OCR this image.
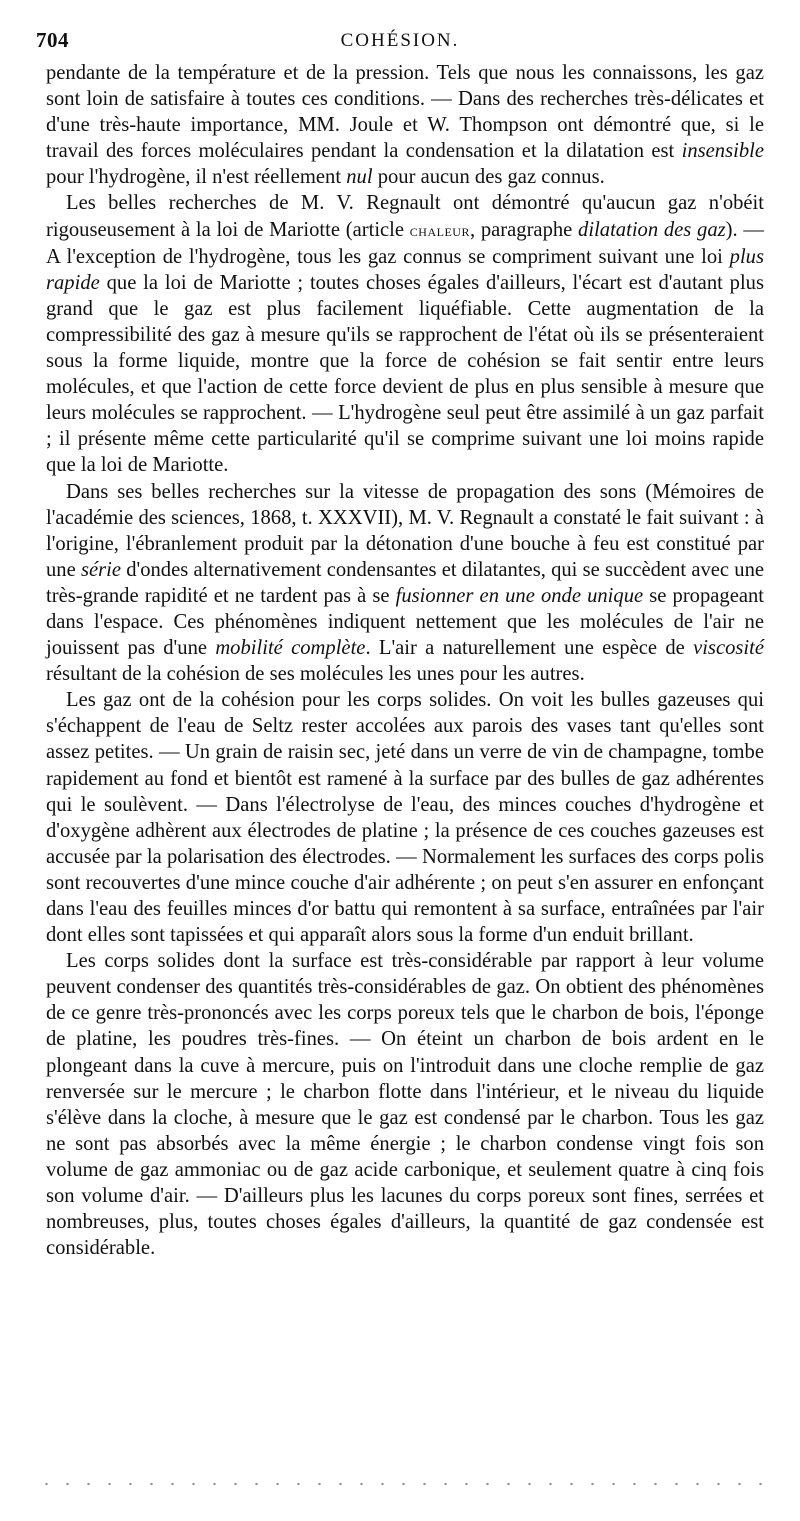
704	COHÉSION.

pendante de la température et de la pression. Tels que nous les connaissons, les gaz sont loin de satisfaire à toutes ces conditions. — Dans des recherches très-délicates et d'une très-haute importance, MM. Joule et W. Thompson ont démontré que, si le travail des forces moléculaires pendant la condensation et la dilatation est insensible pour l'hydrogène, il n'est réellement nul pour aucun des gaz connus.

Les belles recherches de M. V. Regnault ont démontré qu'aucun gaz n'obéit rigouseusement à la loi de Mariotte (article chaleur, paragraphe dilatation des gaz). — A l'exception de l'hydrogène, tous les gaz connus se compriment suivant une loi plus rapide que la loi de Mariotte ; toutes choses égales d'ailleurs, l'écart est d'autant plus grand que le gaz est plus facilement liquéfiable. Cette augmentation de la compressibilité des gaz à mesure qu'ils se rapprochent de l'état où ils se présenteraient sous la forme liquide, montre que la force de cohésion se fait sentir entre leurs molécules, et que l'action de cette force devient de plus en plus sensible à mesure que leurs molécules se rapprochent. — L'hydrogène seul peut être assimilé à un gaz parfait ; il présente même cette particularité qu'il se comprime suivant une loi moins rapide que la loi de Mariotte.

Dans ses belles recherches sur la vitesse de propagation des sons (Mémoires de l'académie des sciences, 1868, t. XXXVII), M. V. Regnault a constaté le fait suivant : à l'origine, l'ébranlement produit par la détonation d'une bouche à feu est constitué par une série d'ondes alternativement condensantes et dilatantes, qui se succèdent avec une très-grande rapidité et ne tardent pas à se fusionner en une onde unique se propageant dans l'espace. Ces phénomènes indiquent nettement que les molécules de l'air ne jouissent pas d'une mobilité complète. L'air a naturellement une espèce de viscosité résultant de la cohésion de ses molécules les unes pour les autres.

Les gaz ont de la cohésion pour les corps solides. On voit les bulles gazeuses qui s'échappent de l'eau de Seltz rester accolées aux parois des vases tant qu'elles sont assez petites. — Un grain de raisin sec, jeté dans un verre de vin de champagne, tombe rapidement au fond et bientôt est ramené à la surface par des bulles de gaz adhérentes qui le soulèvent. — Dans l'électrolyse de l'eau, des minces couches d'hydrogène et d'oxygène adhèrent aux électrodes de platine ; la présence de ces couches gazeuses est accusée par la polarisation des électrodes. — Normalement les surfaces des corps polis sont recouvertes d'une mince couche d'air adhérente ; on peut s'en assurer en enfonçant dans l'eau des feuilles minces d'or battu qui remontent à sa surface, entraînées par l'air dont elles sont tapissées et qui apparaît alors sous la forme d'un enduit brillant.

Les corps solides dont la surface est très-considérable par rapport à leur volume peuvent condenser des quantités très-considérables de gaz. On obtient des phénomènes de ce genre très-prononcés avec les corps poreux tels que le charbon de bois, l'éponge de platine, les poudres très-fines. — On éteint un charbon de bois ardent en le plongeant dans la cuve à mercure, puis on l'introduit dans une cloche remplie de gaz renversée sur le mercure ; le charbon flotte dans l'intérieur, et le niveau du liquide s'élève dans la cloche, à mesure que le gaz est condensé par le charbon. Tous les gaz ne sont pas absorbés avec la même énergie ; le charbon condense vingt fois son volume de gaz ammoniac ou de gaz acide carbonique, et seulement quatre à cinq fois son volume d'air. — D'ailleurs plus les lacunes du corps poreux sont fines, serrées et nombreuses, plus, toutes choses égales d'ailleurs, la quantité de gaz condensée est considérable.
